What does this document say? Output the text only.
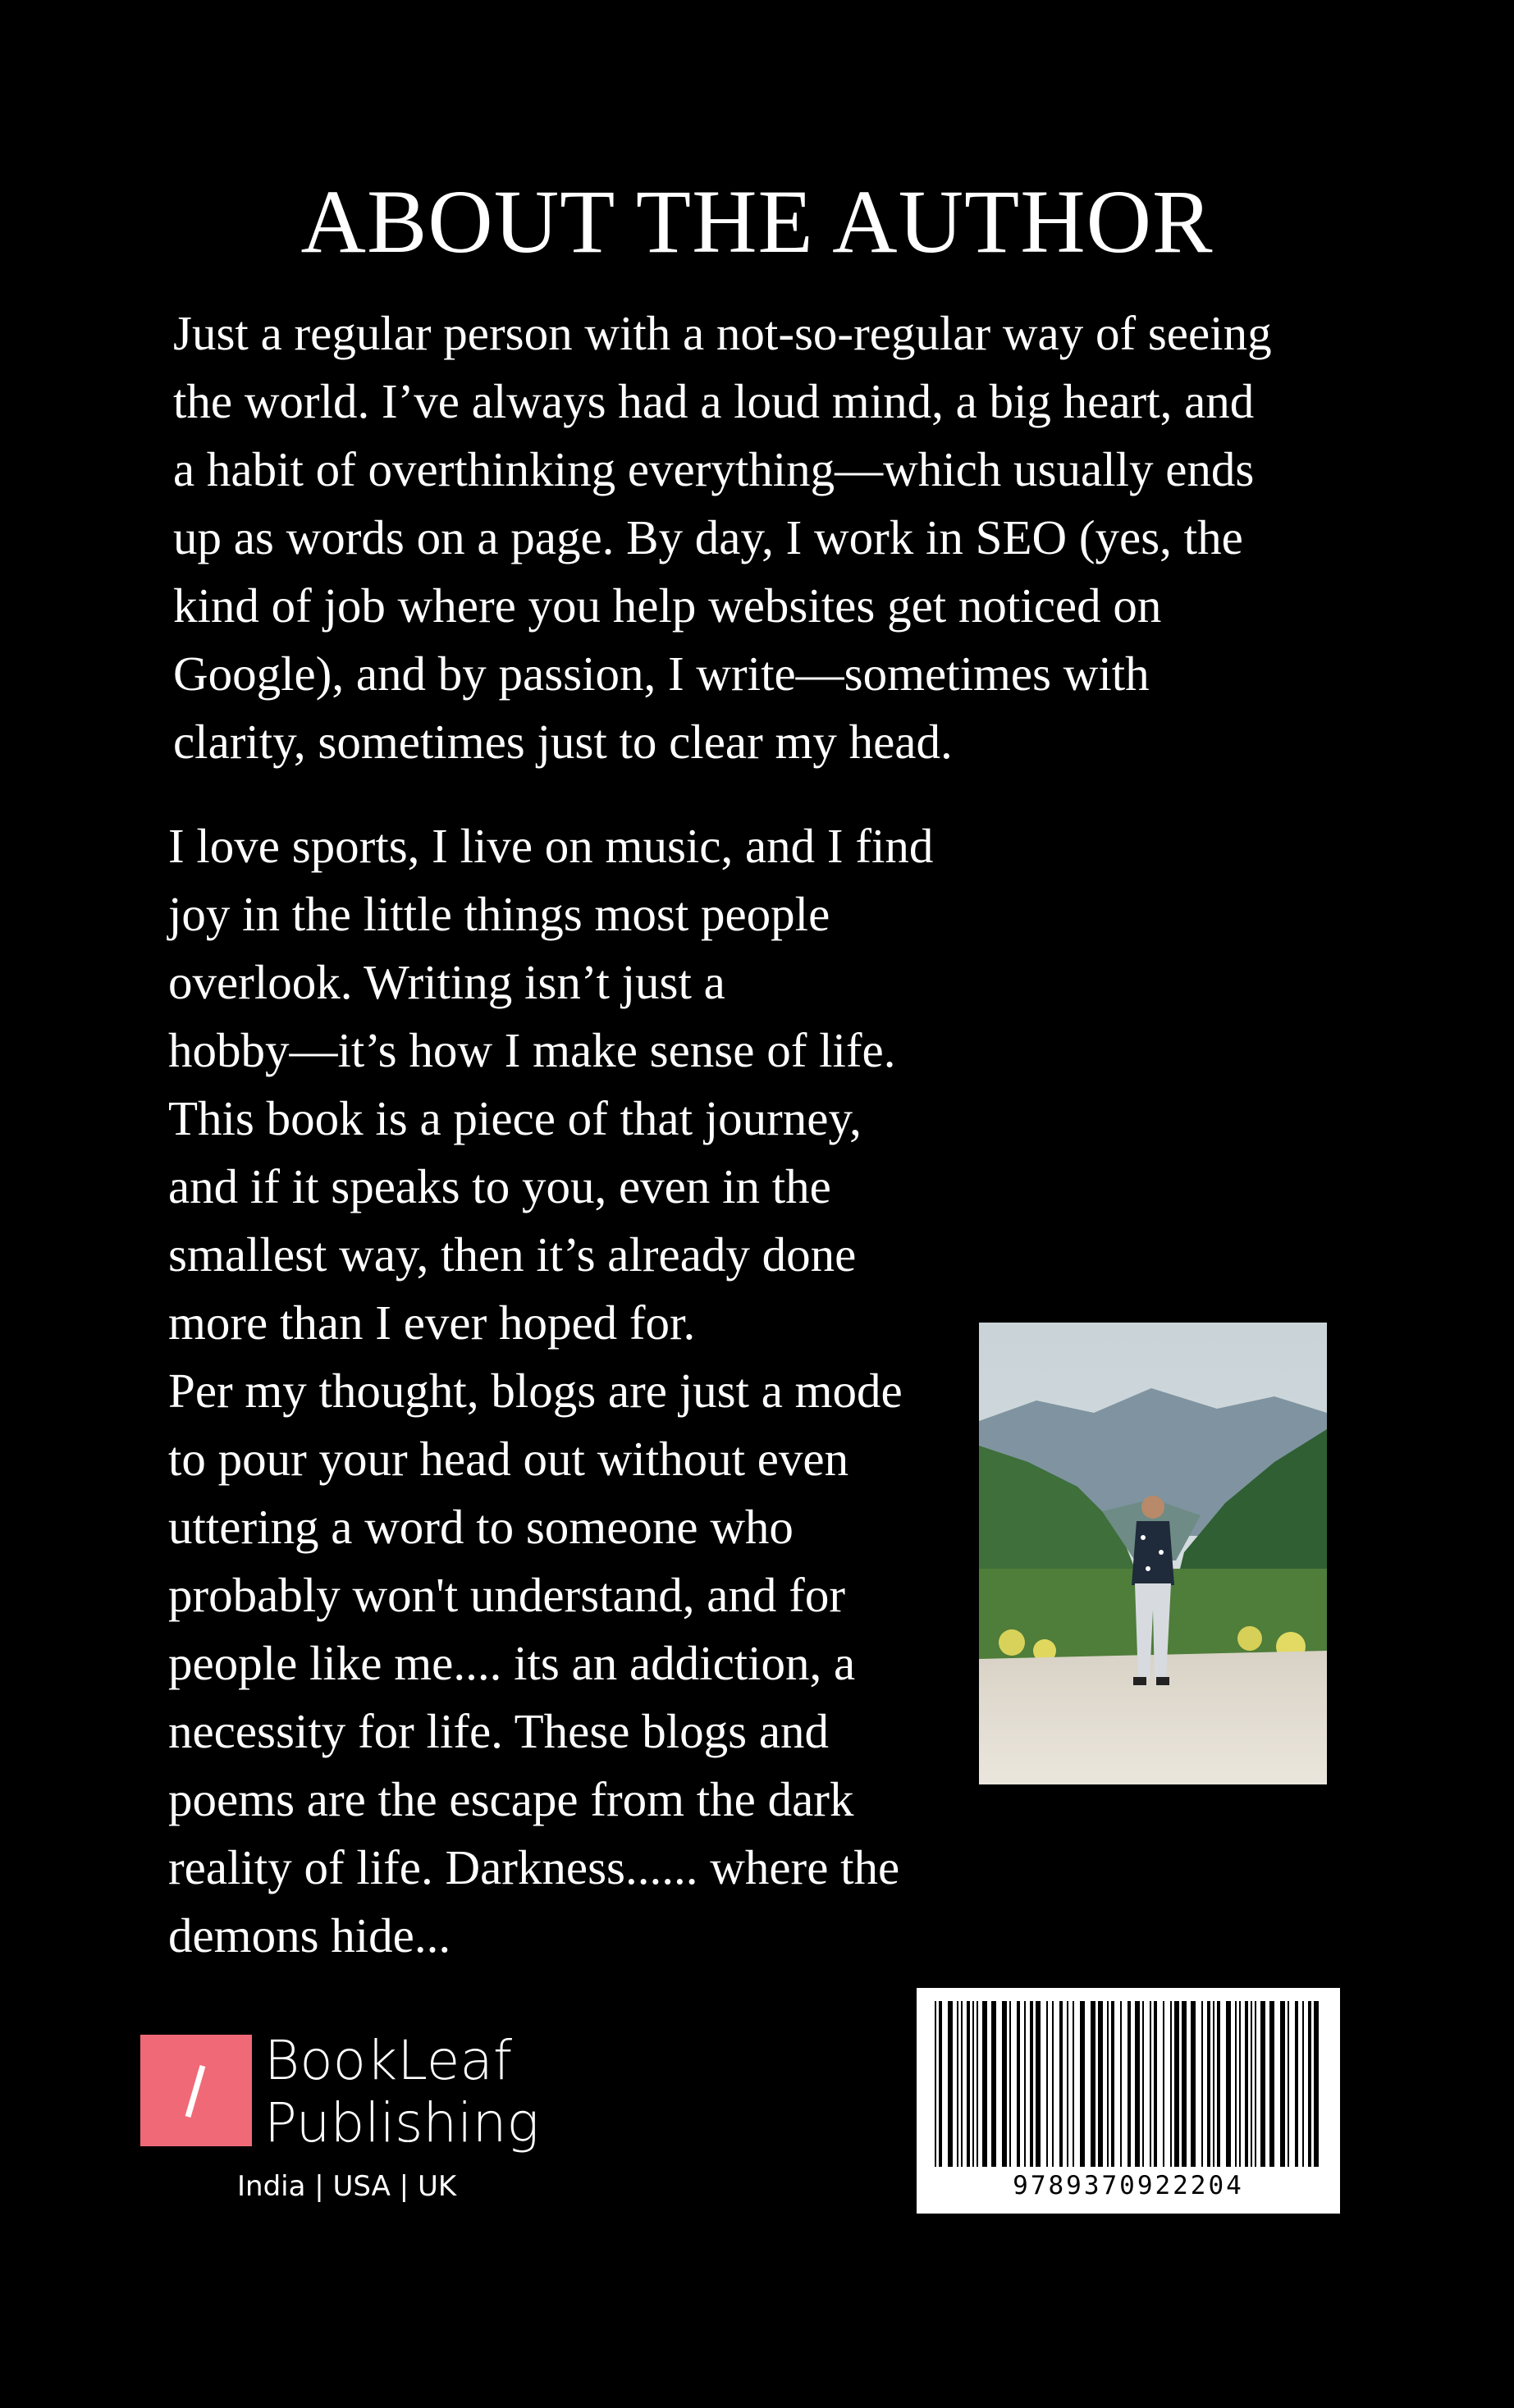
ABOUT THE AUTHOR

Just a regular person with a not-so-regular way of seeing
the world. I’ve always had a loud mind, a big heart, and
a habit of overthinking everything—which usually ends
up as words on a page. By day, I work in SEO (yes, the
kind of job where you help websites get noticed on
Google), and by passion, I write—sometimes with
clarity, sometimes just to clear my head.

I love sports, I live on music, and I find
joy in the little things most people
overlook. Writing isn’t just a
hobby—it’s how I make sense of life.
This book is a piece of that journey,
and if it speaks to you, even in the
smallest way, then it’s already done
more than I ever hoped for.
Per my thought, blogs are just a mode
to pour your head out without even
uttering a word to someone who
probably won't understand, and for
people like me.... its an addiction, a
necessity for life. These blogs and
poems are the escape from the dark
reality of life. Darkness...... where the
demons hide...

BookLeaf
Publishing
India | USA | UK	9789370922204
